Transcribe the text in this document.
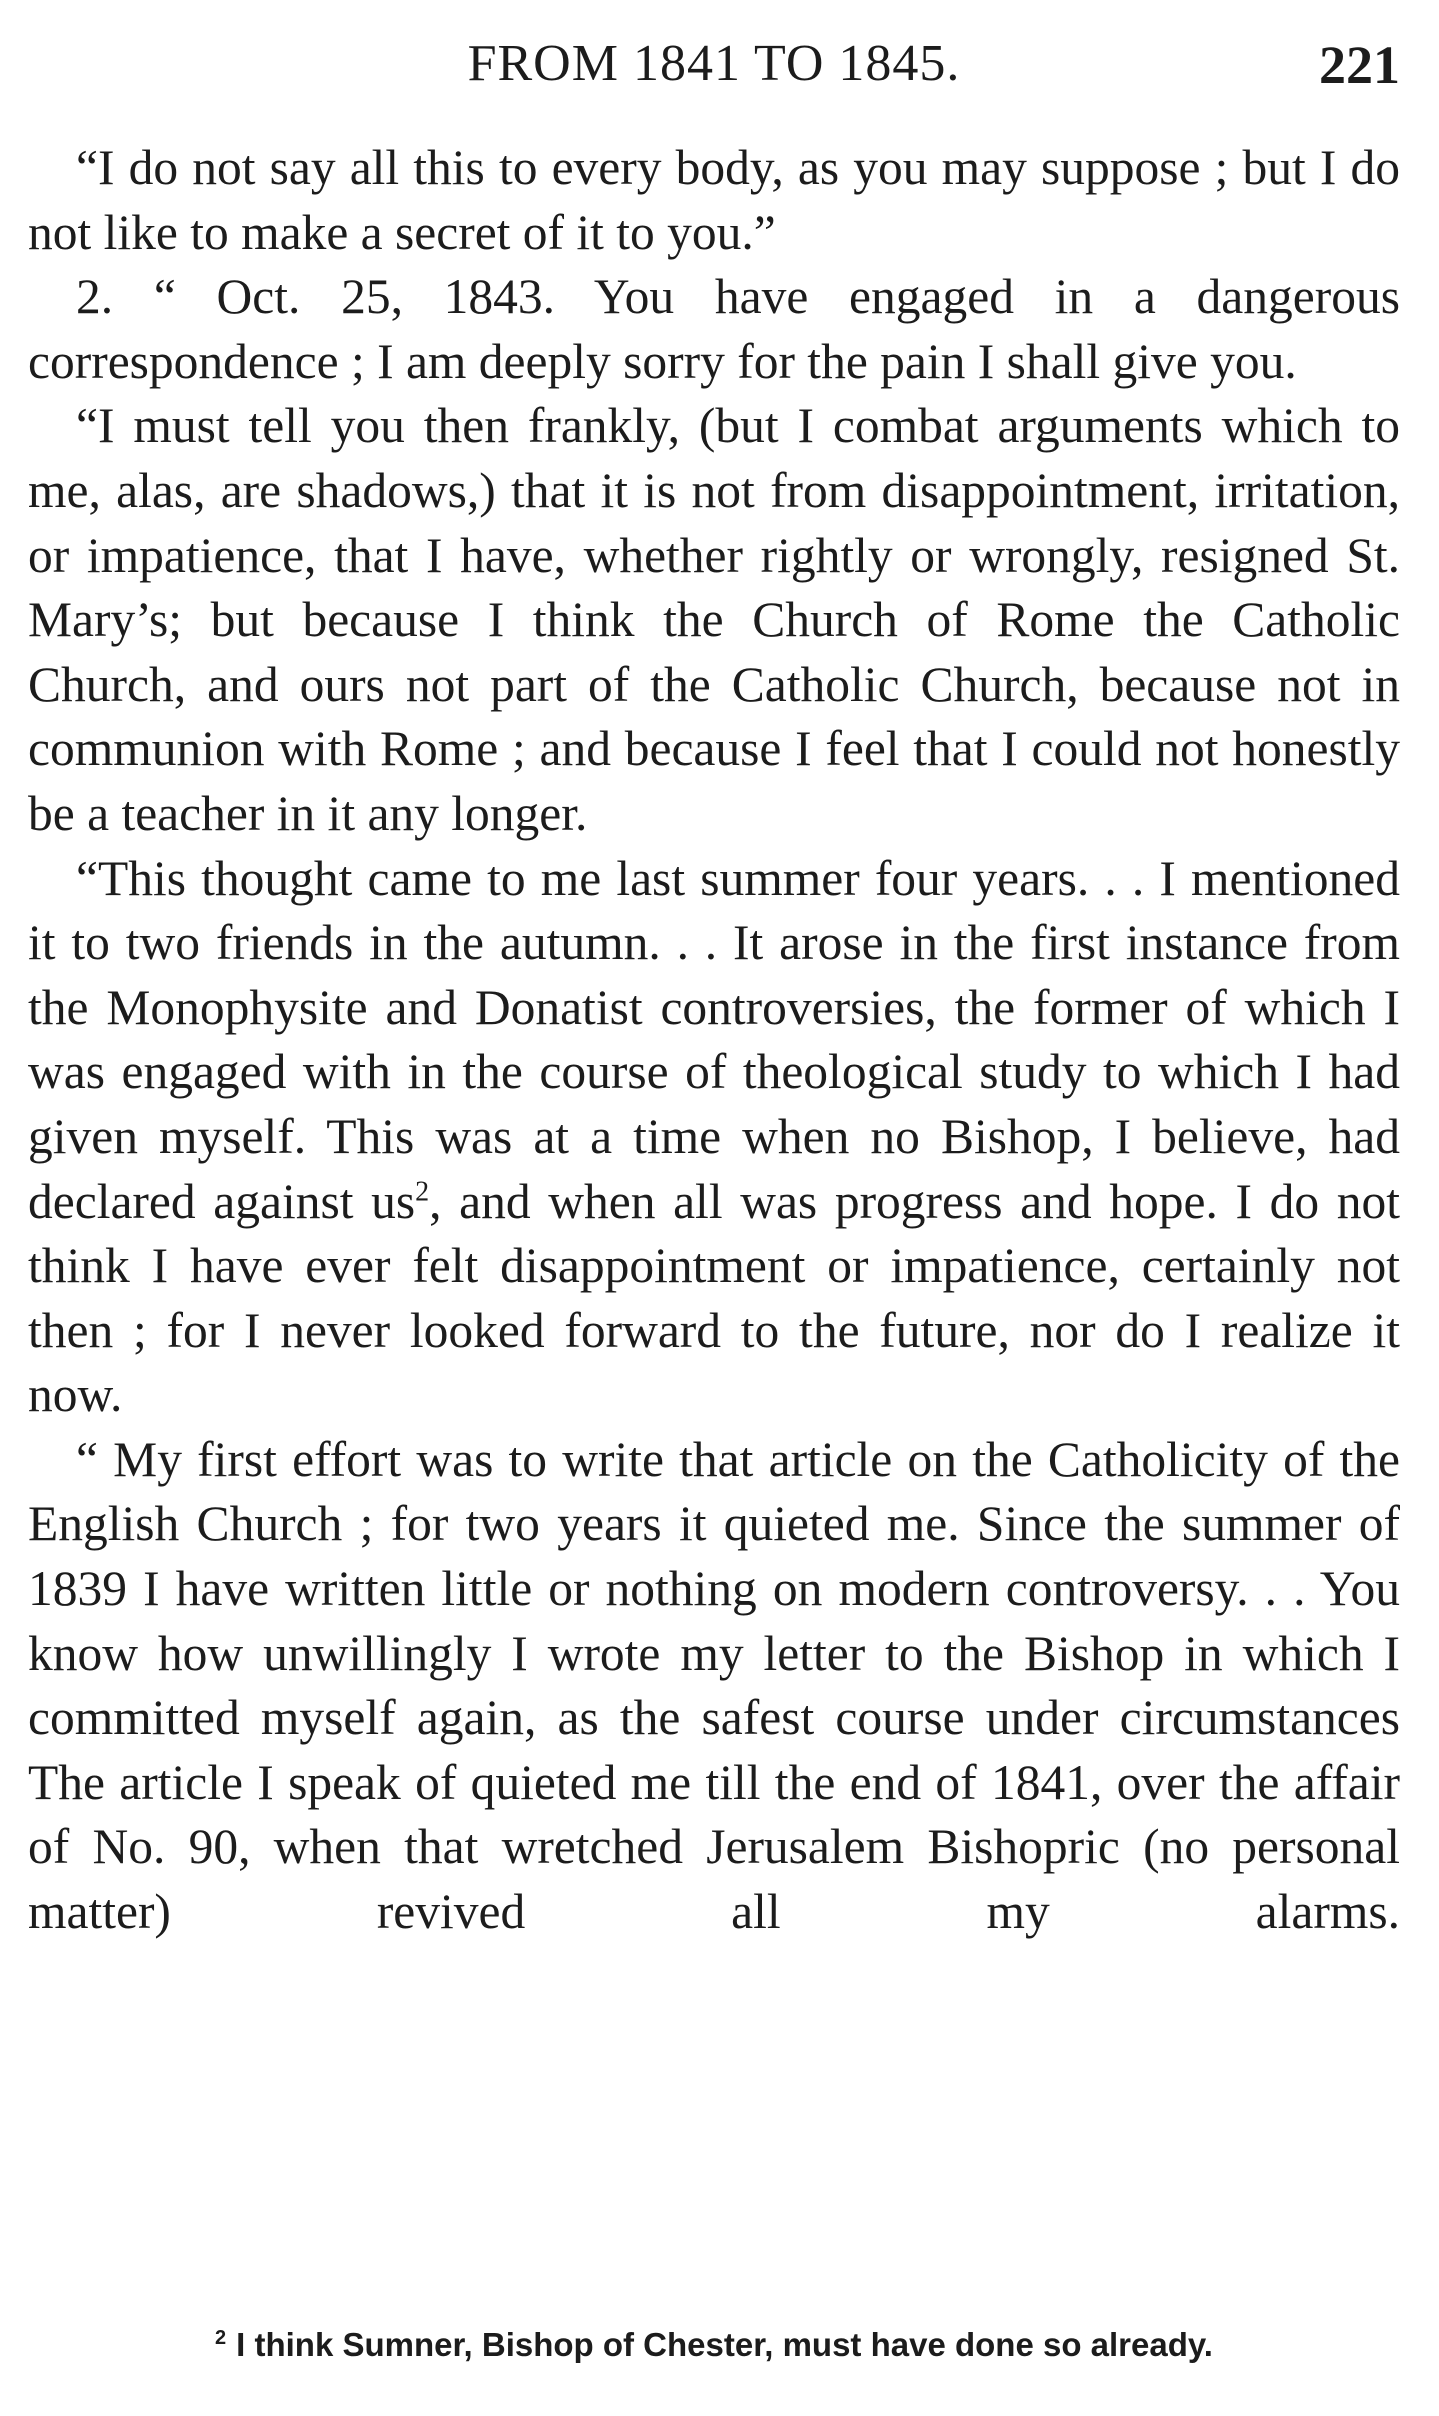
FROM 1841 TO 1845.	221

“I do not say all this to every body, as you may suppose ; but I do not like to make a secret of it to you.”

2. “ Oct. 25, 1843. You have engaged in a dangerous correspondence ; I am deeply sorry for the pain I shall give you.

“I must tell you then frankly, (but I combat arguments which to me, alas, are shadows,) that it is not from disappointment, irritation, or impatience, that I have, whether rightly or wrongly, resigned St. Mary’s; but because I think the Church of Rome the Catholic Church, and ours not part of the Catholic Church, because not in communion with Rome ; and because I feel that I could not honestly be a teacher in it any longer.

“This thought came to me last summer four years. . . I mentioned it to two friends in the autumn. . . It arose in the first instance from the Monophysite and Donatist controversies, the former of which I was engaged with in the course of theological study to which I had given myself. This was at a time when no Bishop, I believe, had declared against us$^2$, and when all was progress and hope. I do not think I have ever felt disappointment or impatience, certainly not then ; for I never looked forward to the future, nor do I realize it now.

“ My first effort was to write that article on the Catholicity of the English Church ; for two years it quieted me. Since the summer of 1839 I have written little or nothing on modern controversy. . . You know how unwillingly I wrote my letter to the Bishop in which I committed myself again, as the safest course under circumstances The article I speak of quieted me till the end of 1841, over the affair of No. 90, when that wretched Jerusalem Bishopric (no personal matter) revived all my alarms.

$^2$ I think Sumner, Bishop of Chester, must have done so already.
